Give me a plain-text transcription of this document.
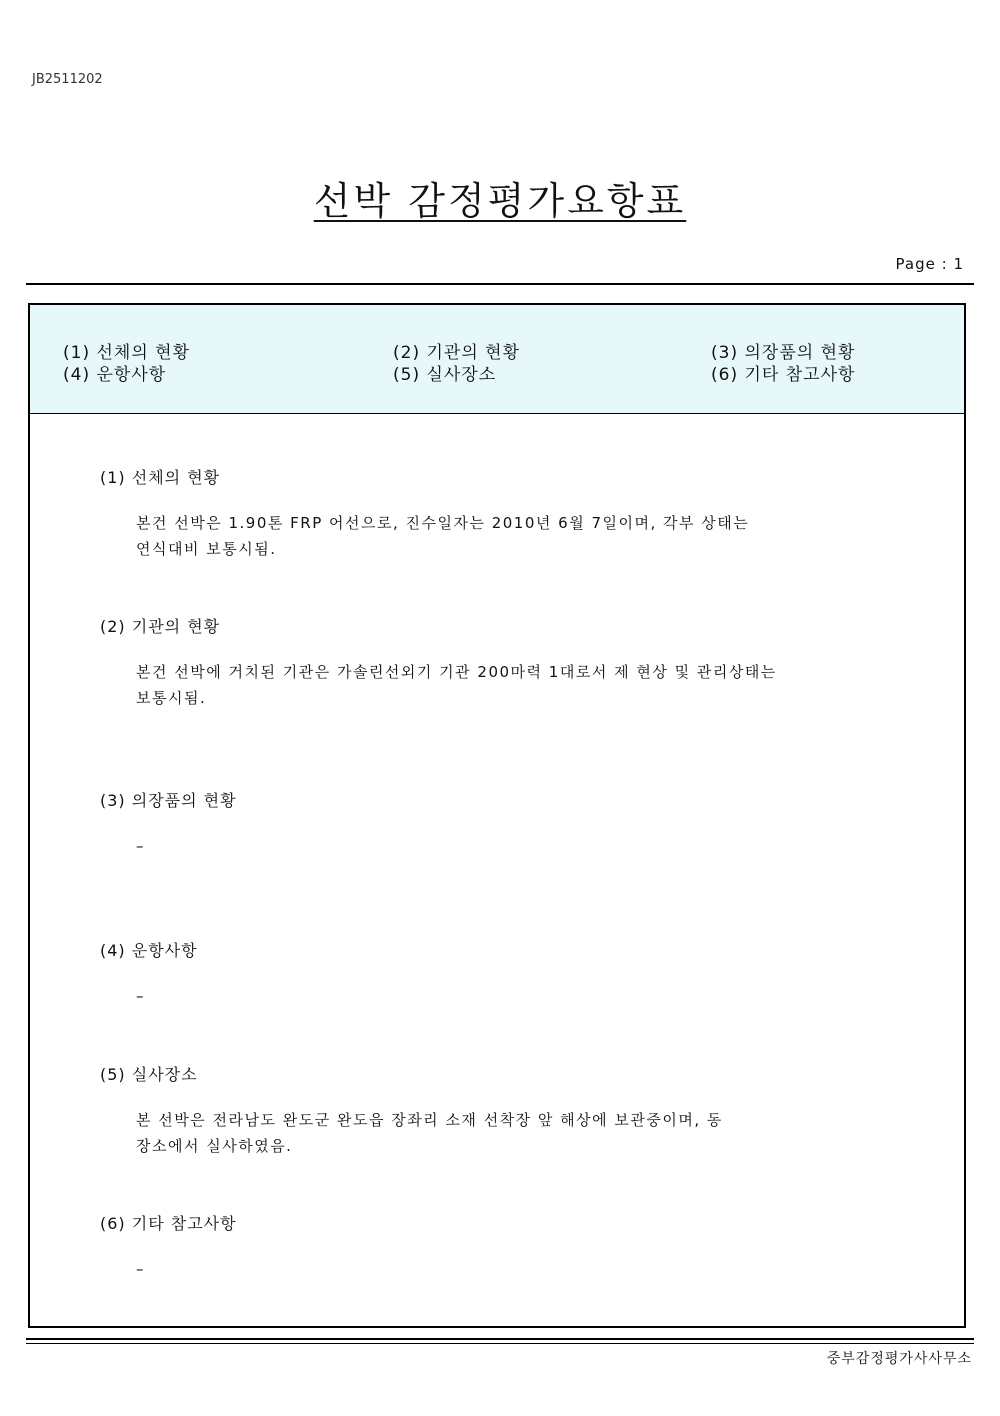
JB2511202
선박 감정평가요항표
Page : 1
(1) 선체의 현황	(2) 기관의 현황	(3) 의장품의 현황
(4) 운항사항	(5) 실사장소	(6) 기타 참고사항
(1) 선체의 현황
본건 선박은 1.90톤 FRP 어선으로, 진수일자는 2010년 6월 7일이며, 각부 상태는
연식대비 보통시됨.
(2) 기관의 현황
본건 선박에 거치된 기관은 가솔린선외기 기관 200마력 1대로서 제 현상 및 관리상태는
보통시됨.
(3) 의장품의 현황
–
(4) 운항사항
–
(5) 실사장소
본 선박은 전라남도 완도군 완도읍 장좌리 소재 선착장 앞 해상에 보관중이며, 동
장소에서 실사하였음.
(6) 기타 참고사항
–
중부감정평가사사무소
